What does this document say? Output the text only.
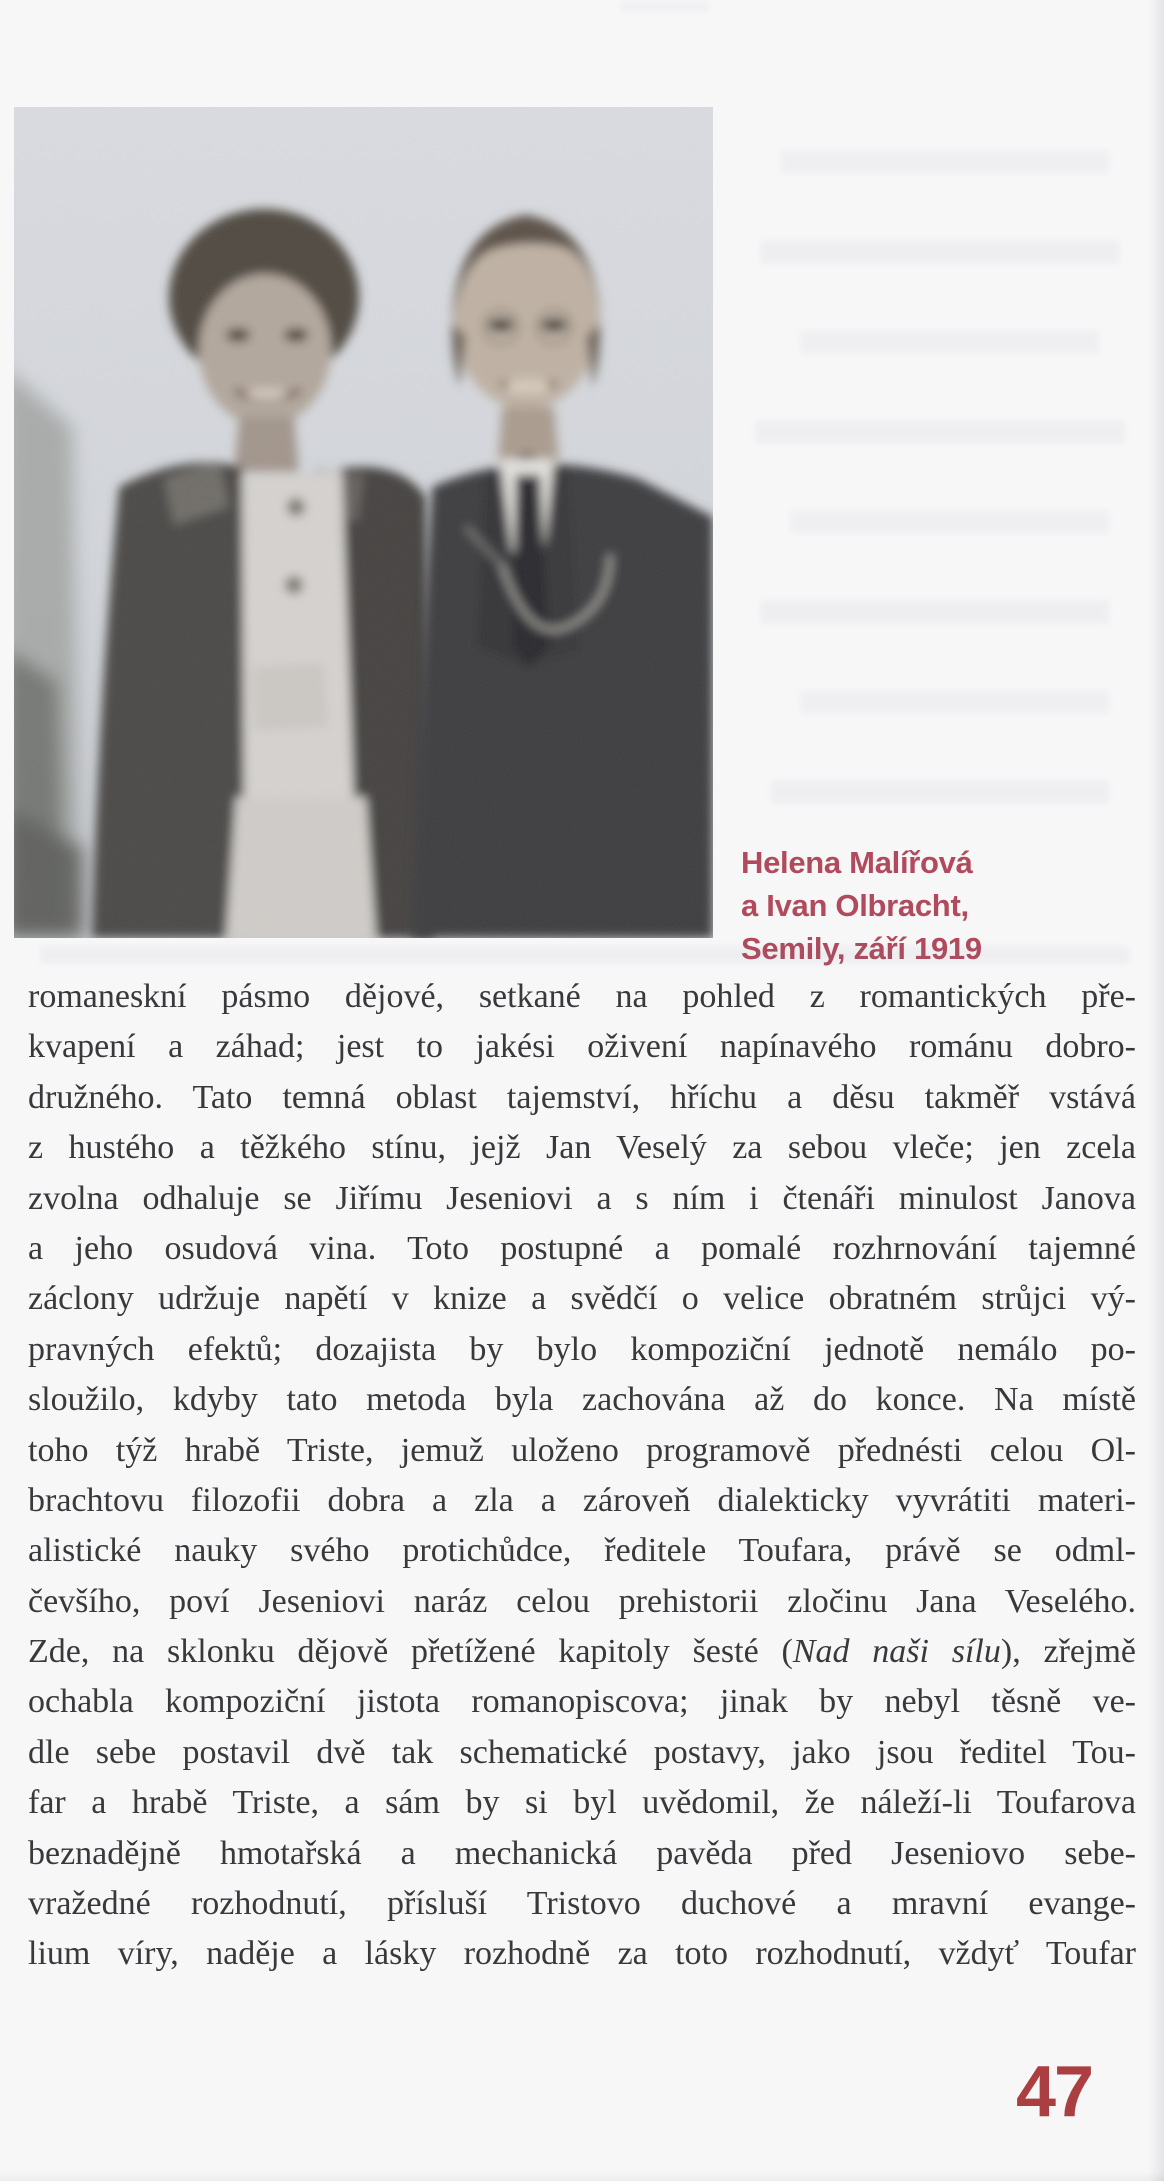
Helena Malířová
a Ivan Olbracht,
Semily, září 1919
romaneskní pásmo dějové, setkané na pohled z romantických pře-
kvapení a záhad; jest to jakési oživení napínavého románu dobro-
družného. Tato temná oblast tajemství, hříchu a děsu takměř vstává
z hustého a těžkého stínu, jejž Jan Veselý za sebou vleče; jen zcela
zvolna odhaluje se Jiřímu Jeseniovi a s ním i čtenáři minulost Janova
a jeho osudová vina. Toto postupné a pomalé rozhrnování tajemné
záclony udržuje napětí v knize a svědčí o velice obratném strůjci vý-
pravných efektů; dozajista by bylo kompoziční jednotě nemálo po-
sloužilo, kdyby tato metoda byla zachována až do konce. Na místě
toho týž hrabě Triste, jemuž uloženo programově přednésti celou Ol-
brachtovu filozofii dobra a zla a zároveň dialekticky vyvrátiti materi-
alistické nauky svého protichůdce, ředitele Toufara, právě se odml-
čevšího, poví Jeseniovi naráz celou prehistorii zločinu Jana Veselého.
Zde, na sklonku dějově přetížené kapitoly šesté (Nad naši sílu), zřejmě
ochabla kompoziční jistota romanopiscova; jinak by nebyl těsně ve-
dle sebe postavil dvě tak schematické postavy, jako jsou ředitel Tou-
far a hrabě Triste, a sám by si byl uvědomil, že náleží-li Toufarova
beznadějně hmotařská a mechanická pavěda před Jeseniovo sebe-
vražedné rozhodnutí, přísluší Tristovo duchové a mravní evange-
lium víry, naděje a lásky rozhodně za toto rozhodnutí, vždyť Toufar
47
